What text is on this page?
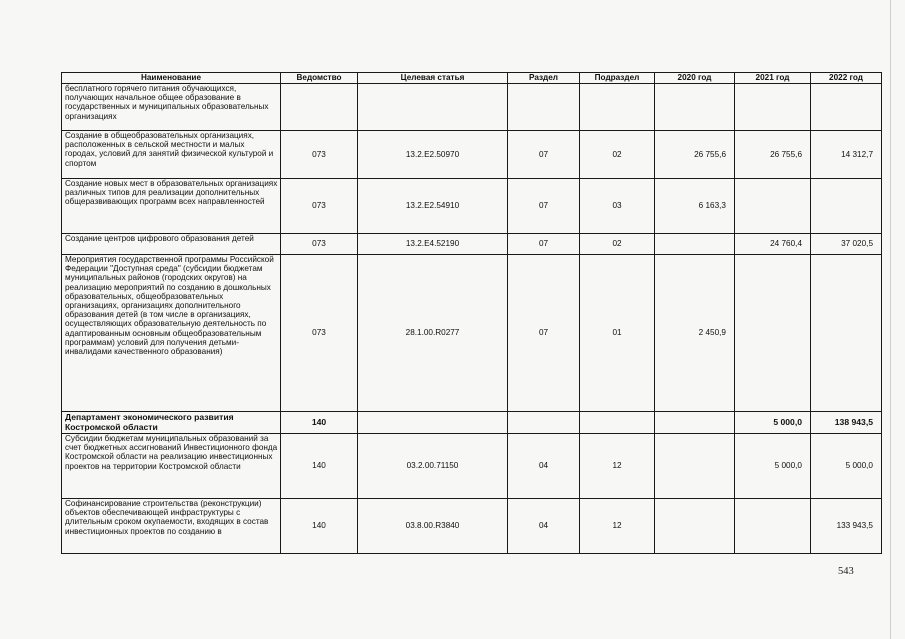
Наименование	Ведомство	Целевая статья	Раздел	Подраздел	2020 год	2021 год	2022 год
бесплатного горячего питания обучающихся, получающих начальное общее образование в государственных и муниципальных образовательных организациях							
Создание в общеобразовательных организациях, расположенных в сельской местности и малых городах, условий для занятий физической культурой и спортом	073	13.2.E2.50970	07	02	26 755,6	26 755,6	14 312,7
Создание новых мест в образовательных организациях различных типов для реализации дополнительных общеразвивающих программ всех направленностей	073	13.2.E2.54910	07	03	6 163,3		
Создание центров цифрового образования детей	073	13.2.E4.52190	07	02		24 760,4	37 020,5
Мероприятия государственной программы Российской Федерации "Доступная среда" (субсидии бюджетам муниципальных районов (городских округов) на реализацию мероприятий по созданию в дошкольных образовательных, общеобразовательных организациях, организациях дополнительного образования детей (в том числе в организациях, осуществляющих образовательную деятельность по адаптированным основным общеобразовательным программам) условий для получения детьми-инвалидами качественного образования)	073	28.1.00.R0277	07	01	2 450,9		
Департамент экономического развития Костромской области	140					5 000,0	138 943,5
Субсидии бюджетам муниципальных образований за счет бюджетных ассигнований Инвестиционного фонда Костромской области на реализацию инвестиционных проектов на территории Костромской области	140	03.2.00.71150	04	12		5 000,0	5 000,0
Софинансирование строительства (реконструкции) объектов обеспечивающей инфраструктуры с длительным сроком окупаемости, входящих в состав инвестиционных проектов по созданию в	140	03.8.00.R3840	04	12			133 943,5
543
